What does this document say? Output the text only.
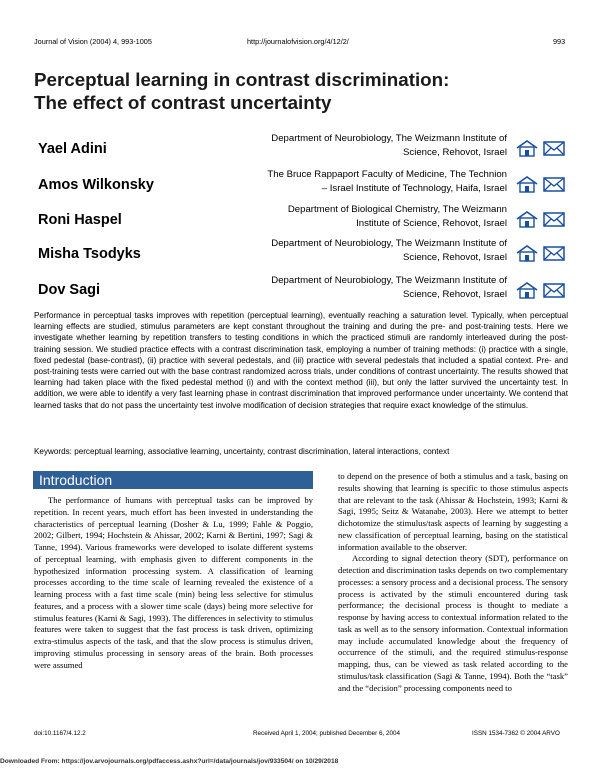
Journal of Vision (2004) 4, 993-1005	http://journalofvision.org/4/12/2/	993
Perceptual learning in contrast discrimination:
The effect of contrast uncertainty
Yael Adini
Department of Neurobiology, The Weizmann Institute of
Science, Rehovot, Israel
Amos Wilkonsky
The Bruce Rappaport Faculty of Medicine, The Technion
– Israel Institute of Technology, Haifa, Israel
Roni Haspel
Department of Biological Chemistry, The Weizmann
Institute of Science, Rehovot, Israel
Misha Tsodyks
Department of Neurobiology, The Weizmann Institute of
Science, Rehovot, Israel
Dov Sagi
Department of Neurobiology, The Weizmann Institute of
Science, Rehovot, Israel
Performance in perceptual tasks improves with repetition (perceptual learning), eventually reaching a saturation level. Typically, when perceptual learning effects are studied, stimulus parameters are kept constant throughout the training and during the pre- and post-training tests. Here we investigate whether learning by repetition transfers to testing conditions in which the practiced stimuli are randomly interleaved during the post-training session. We studied practice effects with a contrast discrimination task, employing a number of training methods: (i) practice with a single, fixed pedestal (base-contrast), (ii) practice with several pedestals, and (iii) practice with several pedestals that included a spatial context. Pre- and post-training tests were carried out with the base contrast randomized across trials, under conditions of contrast uncertainty. The results showed that learning had taken place with the fixed pedestal method (i) and with the context method (iii), but only the latter survived the uncertainty test. In addition, we were able to identify a very fast learning phase in contrast discrimination that improved performance under uncertainty. We contend that learned tasks that do not pass the uncertainty test involve modification of decision strategies that require exact knowledge of the stimulus.
Keywords: perceptual learning, associative learning, uncertainty, contrast discrimination, lateral interactions, context
Introduction

The performance of humans with perceptual tasks can be improved by repetition. In recent years, much effort has been invested in understanding the characteristics of perceptual learning (Dosher & Lu, 1999; Fahle & Poggio, 2002; Gilbert, 1994; Hochstein & Ahissar, 2002; Karni & Bertini, 1997; Sagi & Tanne, 1994). Various frameworks were developed to isolate different systems of perceptual learning, with emphasis given to different components in the hypothesized information processing system. A classification of learning processes according to the time scale of learning revealed the existence of a learning process with a fast time scale (min) being less selective for stimulus features, and a process with a slower time scale (days) being more selective for stimulus features (Karni & Sagi, 1993). The differences in selectivity to stimulus features were taken to suggest that the fast process is task driven, optimizing extra-stimulus aspects of the task, and that the slow process is stimulus driven, improving stimulus processing in sensory areas of the brain. Both processes were assumed

to depend on the presence of both a stimulus and a task, basing on results showing that learning is specific to those stimulus aspects that are relevant to the task (Ahissar & Hochstein, 1993; Karni & Sagi, 1995; Seitz & Watanabe, 2003). Here we attempt to better dichotomize the stimulus/task aspects of learning by suggesting a new classification of perceptual learning, basing on the statistical information available to the observer.

According to signal detection theory (SDT), performance on detection and discrimination tasks depends on two complementary processes: a sensory process and a decisional process. The sensory process is activated by the stimuli encountered during task performance; the decisional process is thought to mediate a response by having access to contextual information related to the task as well as to the sensory information. Contextual information may include accumulated knowledge about the frequency of occurrence of the stimuli, and the required stimulus-response mapping, thus, can be viewed as task related according to the stimulus/task classification (Sagi & Tanne, 1994). Both the “task” and the “decision” processing components need to

doi:10.1167/4.12.2	Received April 1, 2004; published December 6, 2004	ISSN 1534-7362 © 2004 ARVO
Downloaded From: https://jov.arvojournals.org/pdfaccess.ashx?url=/data/journals/jov/933504/ on 10/29/2018
